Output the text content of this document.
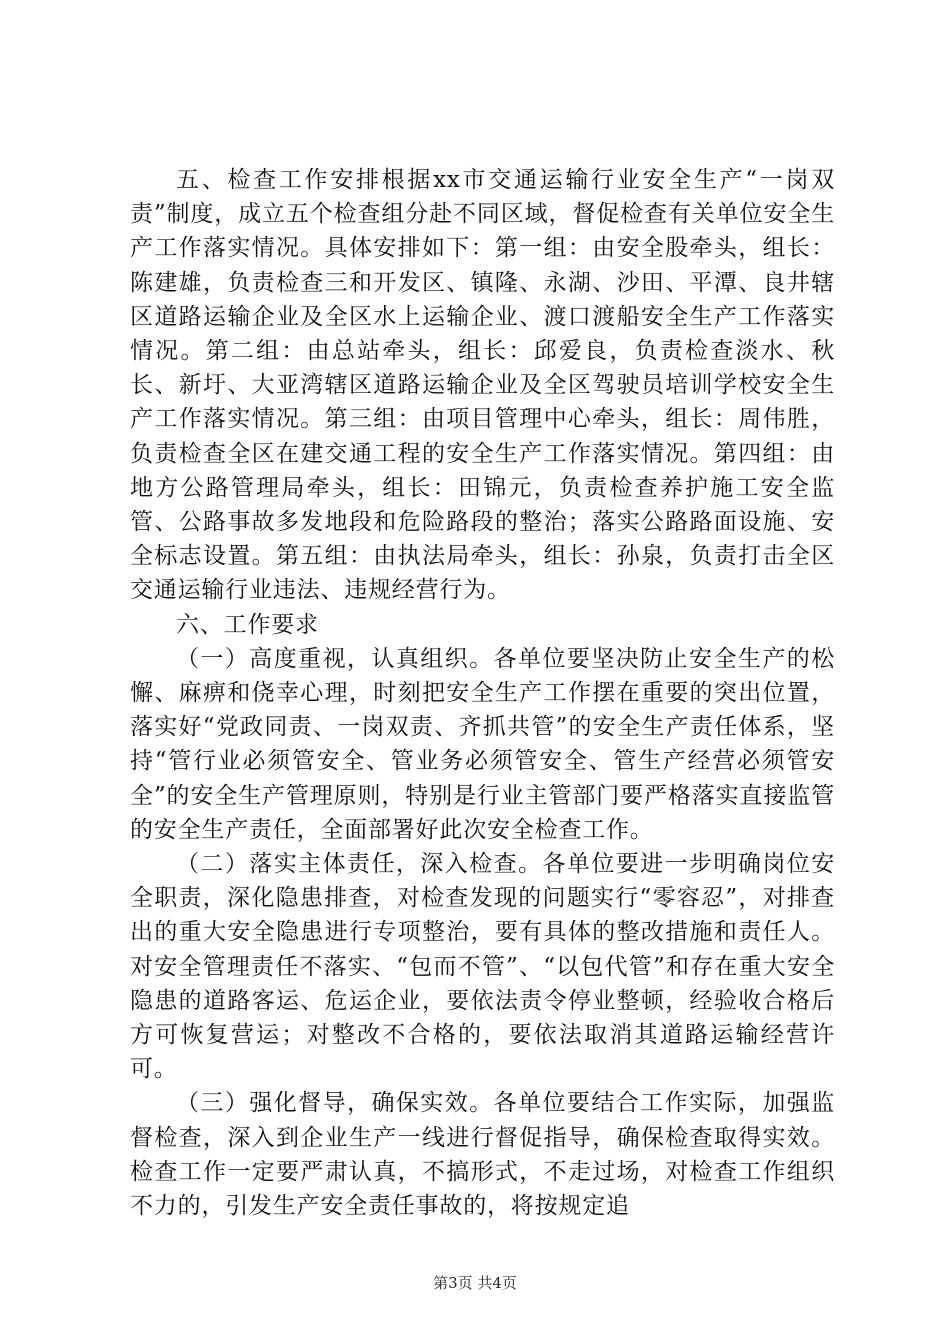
五、检查工作安排根据xx市交通运输行业安全生产“一岗双责”制度，成立五个检查组分赴不同区域，督促检查有关单位安全生产工作落实情况。具体安排如下：第一组：由安全股牵头，组长：陈建雄，负责检查三和开发区、镇隆、永湖、沙田、平潭、良井辖区道路运输企业及全区水上运输企业、渡口渡船安全生产工作落实情况。第二组：由总站牵头，组长：邱爱良，负责检查淡水、秋长、新圩、大亚湾辖区道路运输企业及全区驾驶员培训学校安全生产工作落实情况。第三组：由项目管理中心牵头，组长：周伟胜，负责检查全区在建交通工程的安全生产工作落实情况。第四组：由地方公路管理局牵头，组长：田锦元，负责检查养护施工安全监管、公路事故多发地段和危险路段的整治；落实公路路面设施、安全标志设置。第五组：由执法局牵头，组长：孙泉，负责打击全区交通运输行业违法、违规经营行为。

六、工作要求

（一）高度重视，认真组织。各单位要坚决防止安全生产的松懈、麻痹和侥幸心理，时刻把安全生产工作摆在重要的突出位置，落实好“党政同责、一岗双责、齐抓共管”的安全生产责任体系，坚持“管行业必须管安全、管业务必须管安全、管生产经营必须管安全”的安全生产管理原则，特别是行业主管部门要严格落实直接监管的安全生产责任，全面部署好此次安全检查工作。

（二）落实主体责任，深入检查。各单位要进一步明确岗位安全职责，深化隐患排查，对检查发现的问题实行“零容忍”，对排查出的重大安全隐患进行专项整治，要有具体的整改措施和责任人。对安全管理责任不落实、“包而不管”、“以包代管”和存在重大安全隐患的道路客运、危运企业，要依法责令停业整顿，经验收合格后方可恢复营运；对整改不合格的，要依法取消其道路运输经营许可。

（三）强化督导，确保实效。各单位要结合工作实际，加强监督检查，深入到企业生产一线进行督促指导，确保检查取得实效。检查工作一定要严肃认真，不搞形式，不走过场，对检查工作组织不力的，引发生产安全责任事故的，将按规定追

第3页 共4页
